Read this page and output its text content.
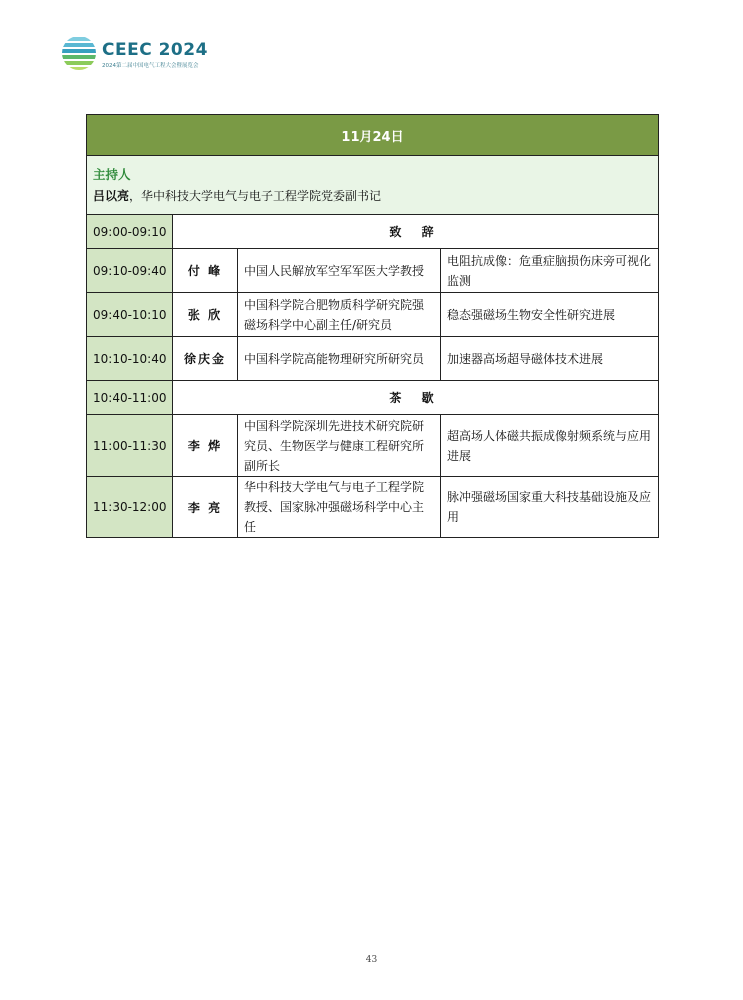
CEEC 2024
2024第二届中国电气工程大会暨展览会
11月24日			

主持人
吕以亮，华中科技大学电气与电子工程学院党委副书记			

09:00-09:10	致 辞		
09:10-09:40	付 峰	中国人民解放军空军军医大学教授	电阻抗成像：危重症脑损伤床旁可视化监测
09:40-10:10	张 欣	中国科学院合肥物质科学研究院强磁场科学中心副主任/研究员	稳态强磁场生物安全性研究进展
10:10-10:40	徐庆金	中国科学院高能物理研究所研究员	加速器高场超导磁体技术进展
10:40-11:00	茶 歇		
11:00-11:30	李 烨	中国科学院深圳先进技术研究院研究员、生物医学与健康工程研究所副所长	超高场人体磁共振成像射频系统与应用进展
11:30-12:00	李 亮	华中科技大学电气与电子工程学院教授、国家脉冲强磁场科学中心主任	脉冲强磁场国家重大科技基础设施及应用
43
